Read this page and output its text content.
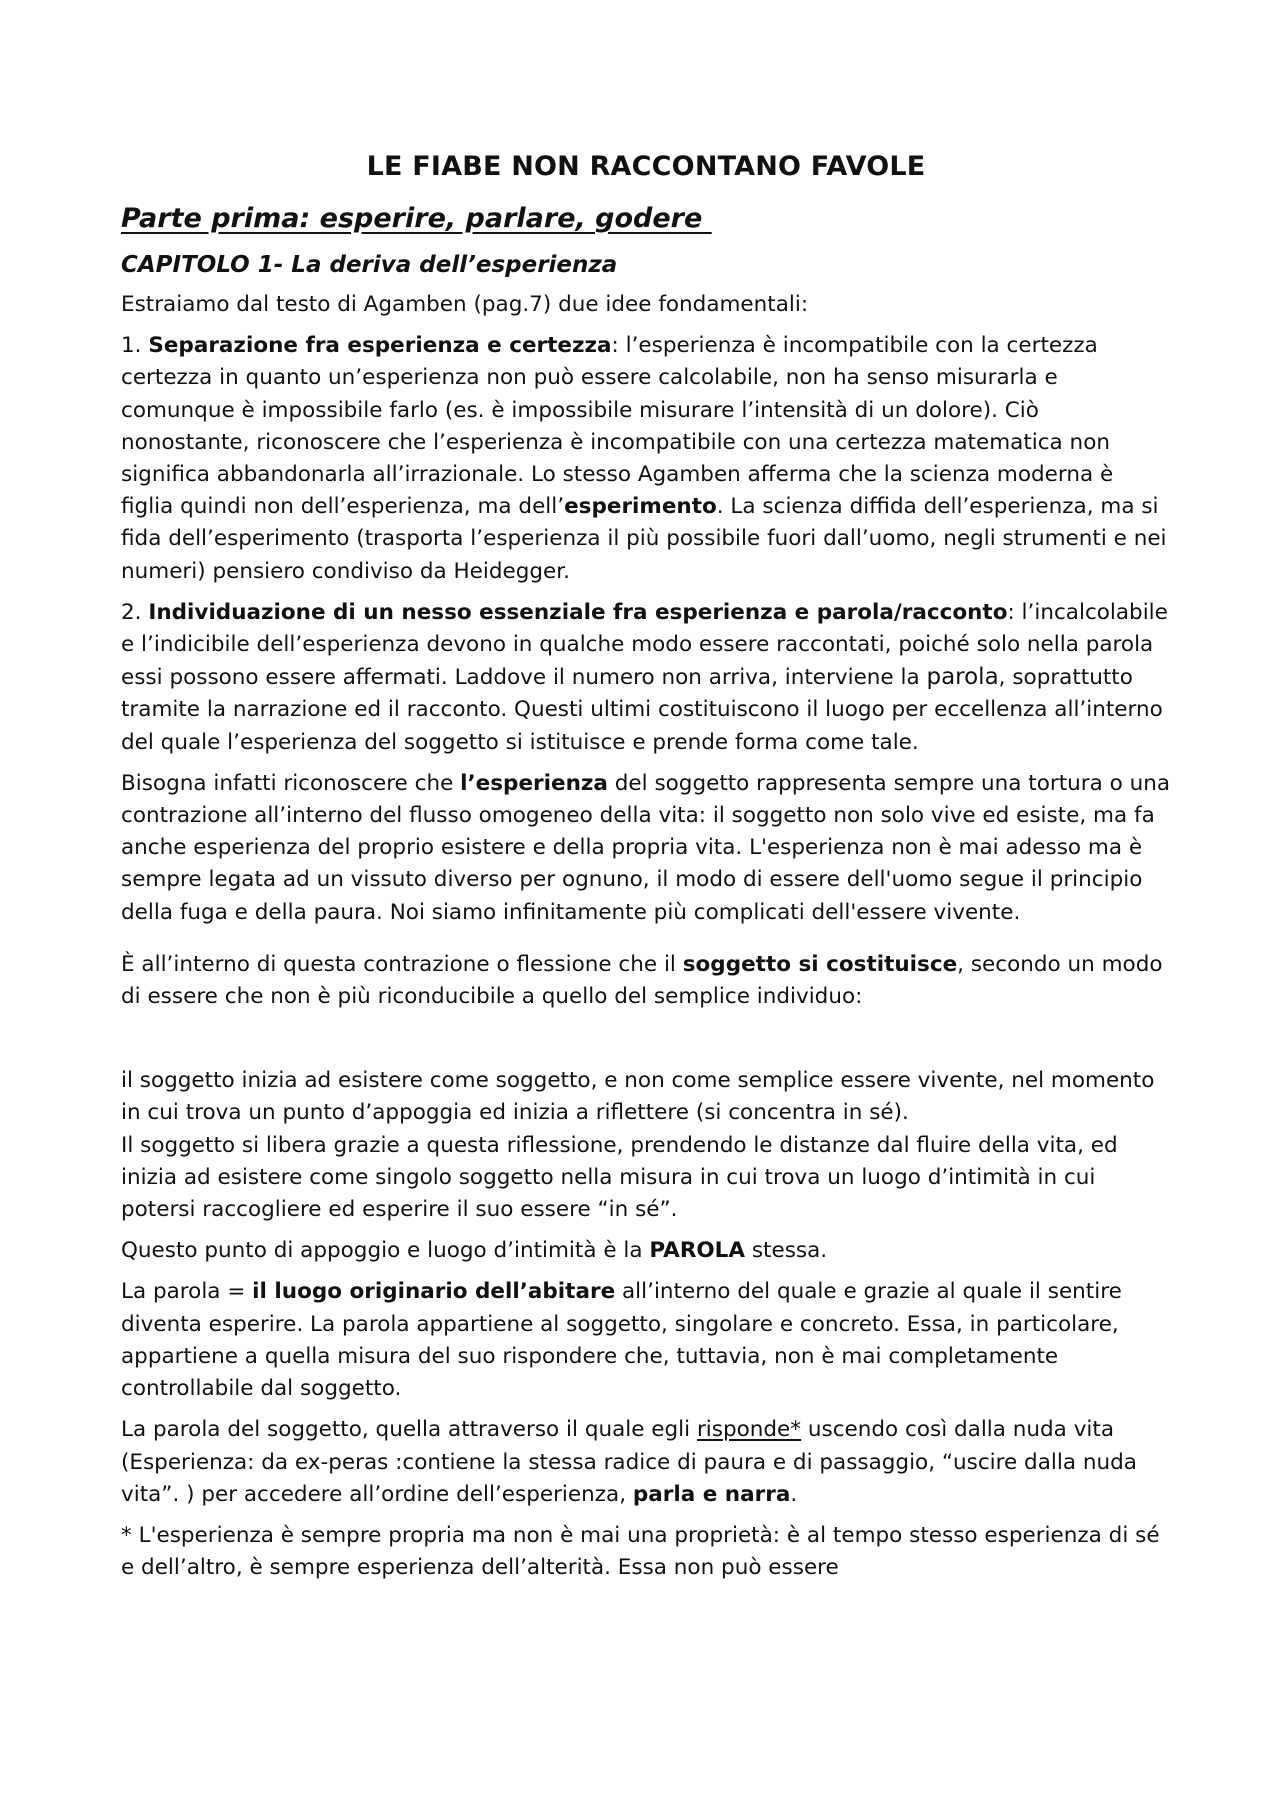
LE FIABE NON RACCONTANO FAVOLE
Parte prima: esperire, parlare, godere
CAPITOLO 1- La deriva dell’esperienza

Estraiamo dal testo di Agamben (pag.7) due idee fondamentali:

1. Separazione fra esperienza e certezza: l’esperienza è incompatibile con la certezza certezza in quanto un’esperienza non può essere calcolabile, non ha senso misurarla e comunque è impossibile farlo (es. è impossibile misurare l’intensità di un dolore). Ciò nonostante, riconoscere che l’esperienza è incompatibile con una certezza matematica non significa abbandonarla all’irrazionale. Lo stesso Agamben afferma che la scienza moderna è figlia quindi non dell’esperienza, ma dell’esperimento. La scienza diffida dell’esperienza, ma si fida dell’esperimento (trasporta l’esperienza il più possibile fuori dall’uomo, negli strumenti e nei numeri) pensiero condiviso da Heidegger.

2. Individuazione di un nesso essenziale fra esperienza e parola/racconto: l’incalcolabile e l’indicibile dell’esperienza devono in qualche modo essere raccontati, poiché solo nella parola essi possono essere affermati. Laddove il numero non arriva, interviene la parola, soprattutto tramite la narrazione ed il racconto. Questi ultimi costituiscono il luogo per eccellenza all’interno del quale l’esperienza del soggetto si istituisce e prende forma come tale.

Bisogna infatti riconoscere che l’esperienza del soggetto rappresenta sempre una tortura o una contrazione all’interno del flusso omogeneo della vita: il soggetto non solo vive ed esiste, ma fa anche esperienza del proprio esistere e della propria vita. L'esperienza non è mai adesso ma è sempre legata ad un vissuto diverso per ognuno, il modo di essere dell'uomo segue il principio della fuga e della paura. Noi siamo infinitamente più complicati dell'essere vivente.

È all’interno di questa contrazione o flessione che il soggetto si costituisce, secondo un modo di essere che non è più riconducibile a quello del semplice individuo:

il soggetto inizia ad esistere come soggetto, e non come semplice essere vivente, nel momento in cui trova un punto d’appoggia ed inizia a riflettere (si concentra in sé).
Il soggetto si libera grazie a questa riflessione, prendendo le distanze dal fluire della vita, ed inizia ad esistere come singolo soggetto nella misura in cui trova un luogo d’intimità in cui potersi raccogliere ed esperire il suo essere “in sé”.

Questo punto di appoggio e luogo d’intimità è la PAROLA stessa.

La parola = il luogo originario dell’abitare all’interno del quale e grazie al quale il sentire diventa esperire. La parola appartiene al soggetto, singolare e concreto. Essa, in particolare, appartiene a quella misura del suo rispondere che, tuttavia, non è mai completamente controllabile dal soggetto.

La parola del soggetto, quella attraverso il quale egli risponde* uscendo così dalla nuda vita (Esperienza: da ex-peras :contiene la stessa radice di paura e di passaggio, “uscire dalla nuda vita”. ) per accedere all’ordine dell’esperienza, parla e narra.

* L'esperienza è sempre propria ma non è mai una proprietà: è al tempo stesso esperienza di sé e dell’altro, è sempre esperienza dell’alterità. Essa non può essere
